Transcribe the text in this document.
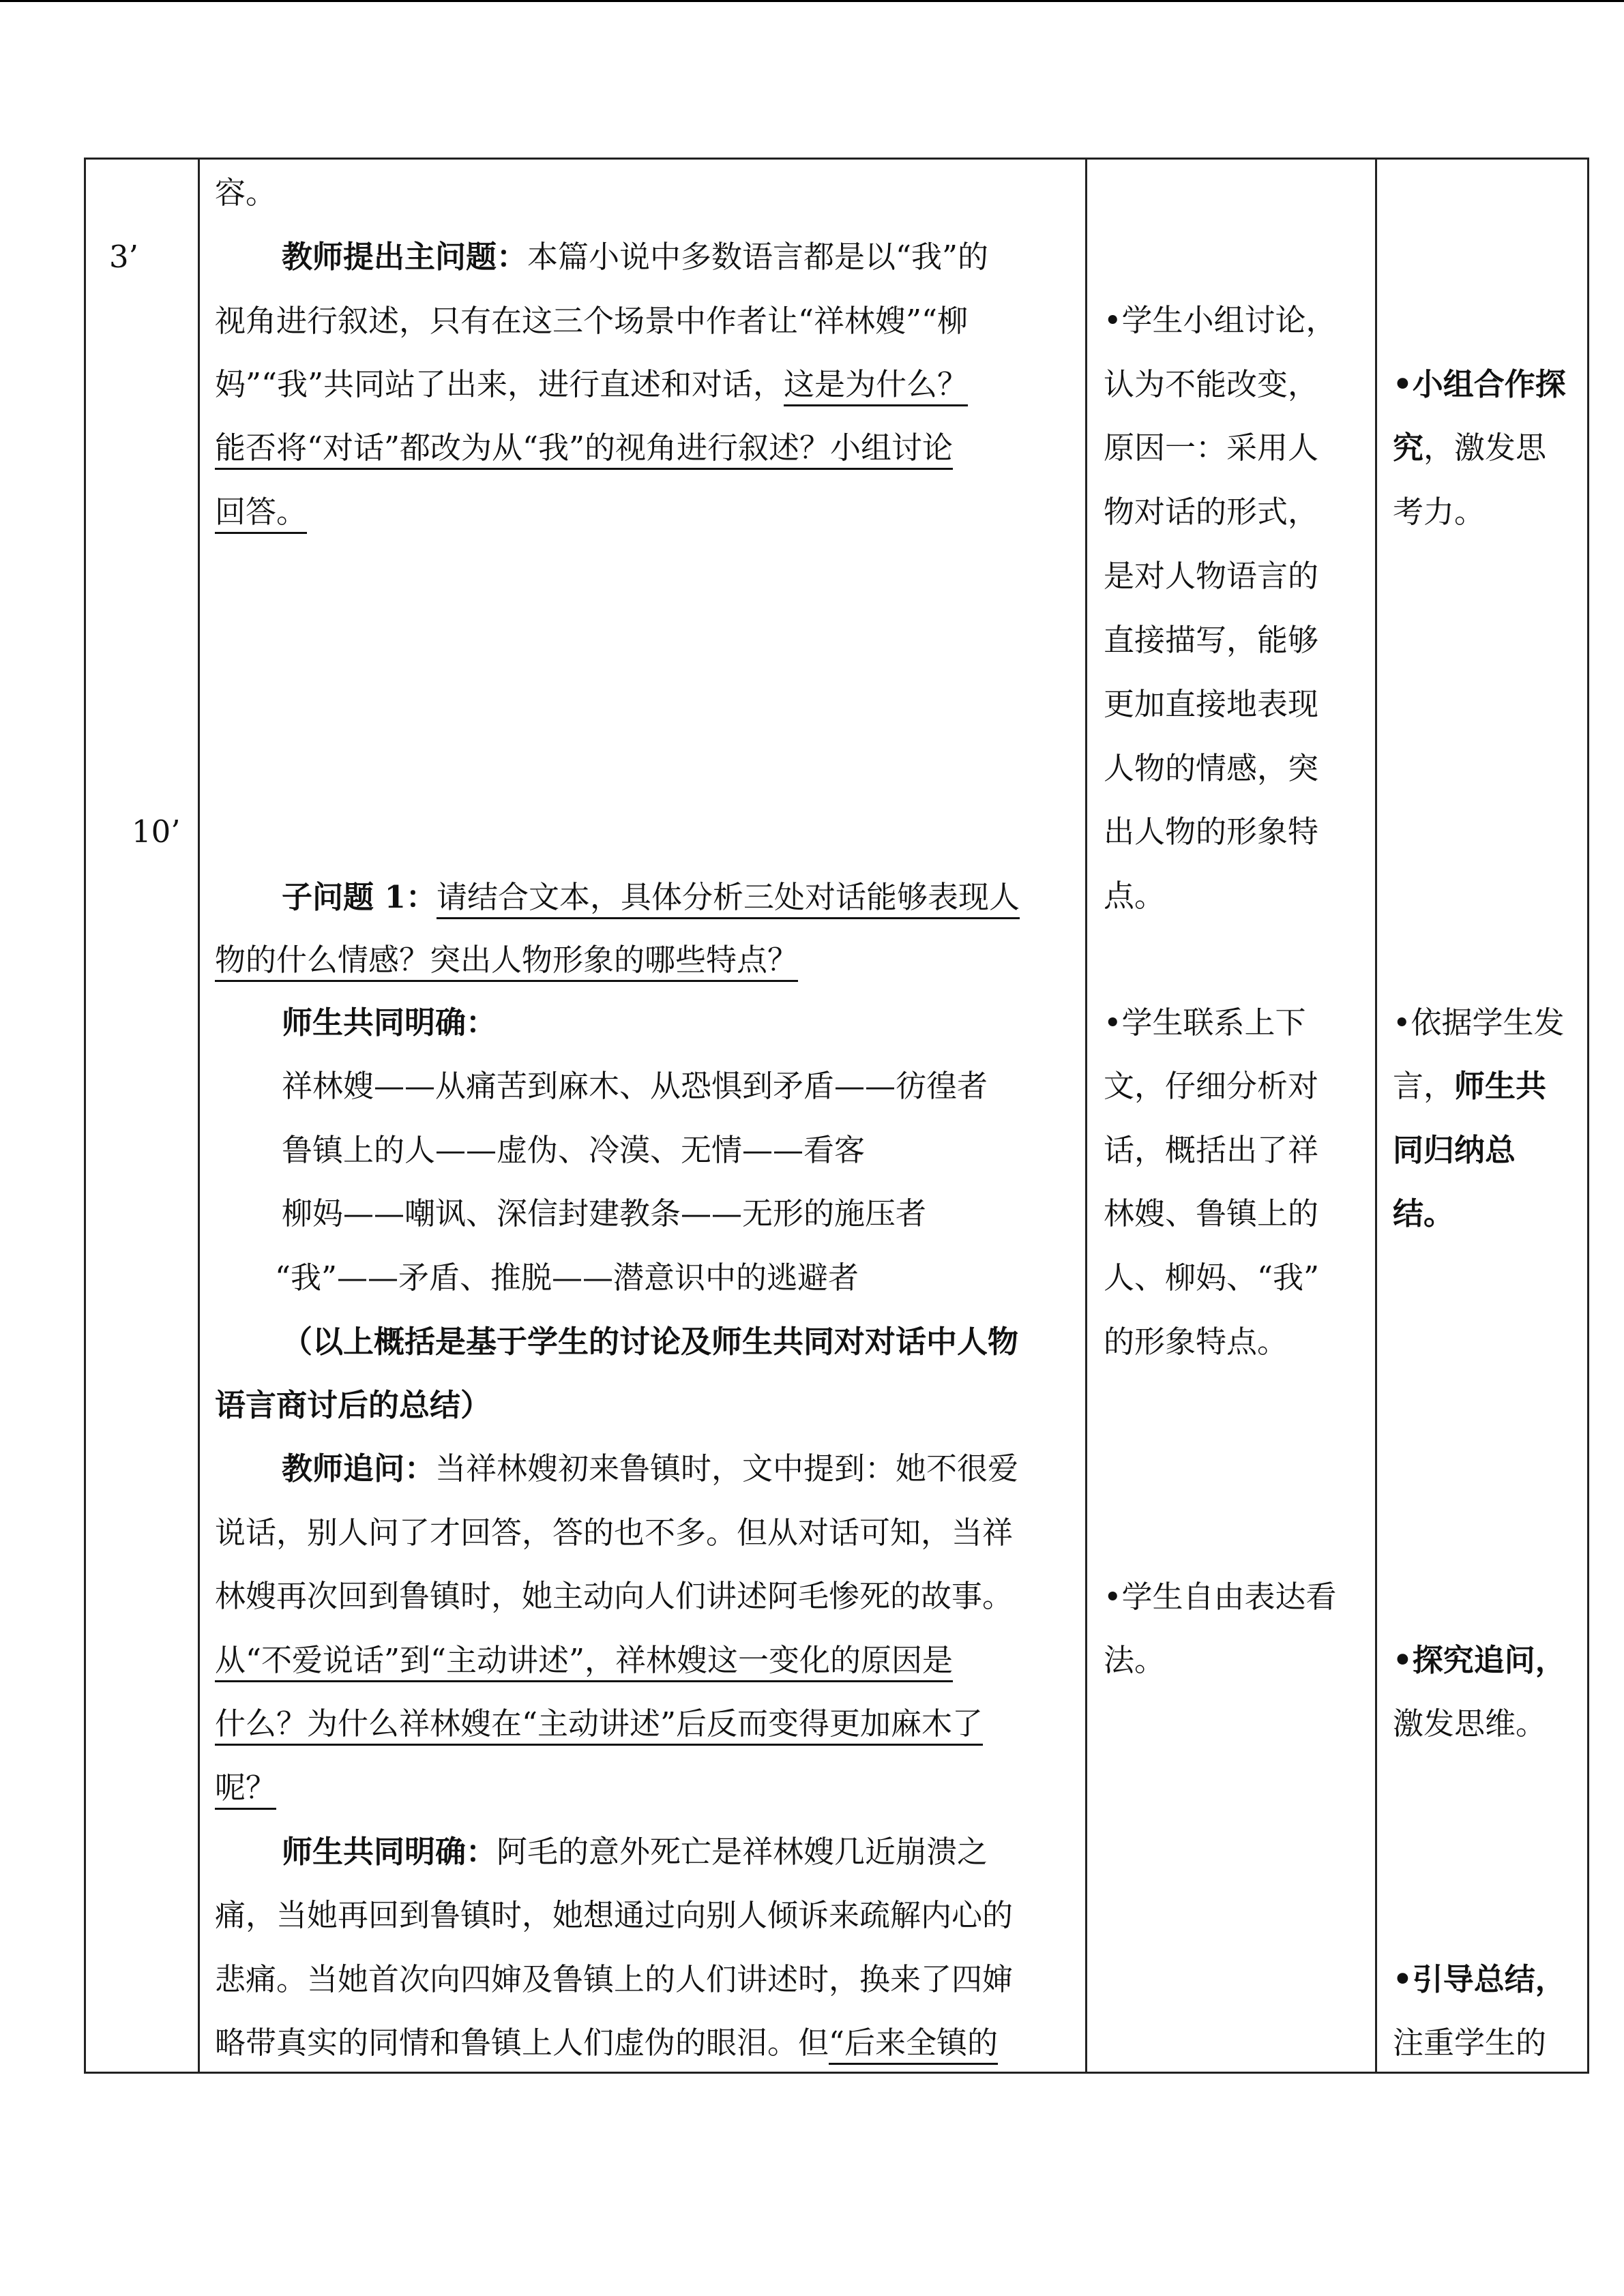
3’
10’
容。
教师提出主问题：本篇小说中多数语言都是以“我”的
视角进行叙述，只有在这三个场景中作者让“祥林嫂”“柳
妈”“我”共同站了出来，进行直述和对话，这是为什么？
能否将“对话”都改为从“我”的视角进行叙述？小组讨论
回答。
子问题 1：请结合文本，具体分析三处对话能够表现人
物的什么情感？突出人物形象的哪些特点？
师生共同明确：
祥林嫂——从痛苦到麻木、从恐惧到矛盾——彷徨者
鲁镇上的人——虚伪、冷漠、无情——看客
柳妈——嘲讽、深信封建教条——无形的施压者
“我”——矛盾、推脱——潜意识中的逃避者
（以上概括是基于学生的讨论及师生共同对对话中人物
语言商讨后的总结）
教师追问：当祥林嫂初来鲁镇时，文中提到：她不很爱
说话，别人问了才回答，答的也不多。但从对话可知，当祥
林嫂再次回到鲁镇时，她主动向人们讲述阿毛惨死的故事。
从“不爱说话”到“主动讲述”，祥林嫂这一变化的原因是
什么？为什么祥林嫂在“主动讲述”后反而变得更加麻木了
呢？
师生共同明确：阿毛的意外死亡是祥林嫂几近崩溃之
痛，当她再回到鲁镇时，她想通过向别人倾诉来疏解内心的
悲痛。当她首次向四婶及鲁镇上的人们讲述时，换来了四婶
略带真实的同情和鲁镇上人们虚伪的眼泪。但“后来全镇的
•学生小组讨论，
认为不能改变，
原因一：采用人
物对话的形式，
是对人物语言的
直接描写，能够
更加直接地表现
人物的情感，突
出人物的形象特
点。
•学生联系上下
文，仔细分析对
话，概括出了祥
林嫂、鲁镇上的
人、柳妈、“我”
的形象特点。
•学生自由表达看
法。
•小组合作探
究，激发思
考力。
•依据学生发
言，师生共
同归纳总
结。
•探究追问，
激发思维。
•引导总结，
注重学生的
